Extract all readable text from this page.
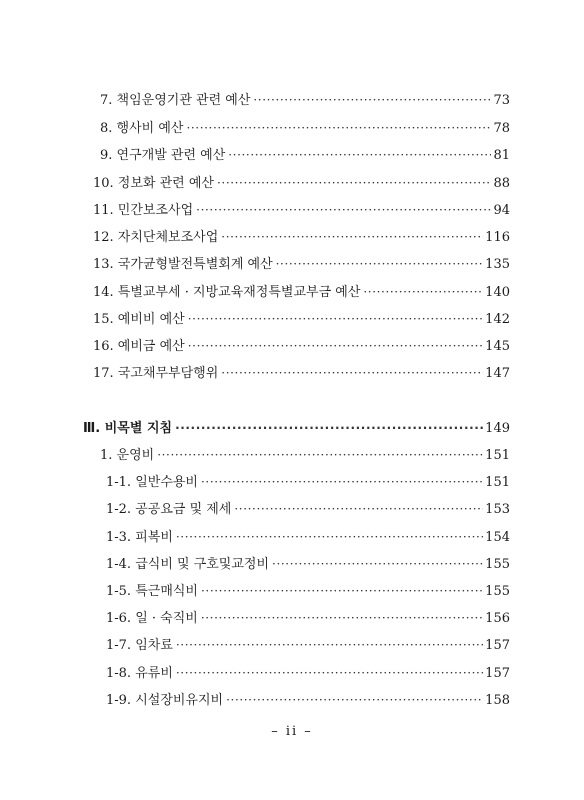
7. 책임운영기관 관련 예산 ·····	73
8. 행사비 예산 ·····	78
9. 연구개발 관련 예산 ·····	81
10. 정보화 관련 예산 ·····	88
11. 민간보조사업 ·····	94
12. 자치단체보조사업 ·····	116
13. 국가균형발전특별회계 예산 ·····	135
14. 특별교부세 · 지방교육재정특별교부금 예산 ·····	140
15. 예비비 예산 ·····	142
16. 예비금 예산 ·····	145
17. 국고채무부담행위 ·····	147
Ⅲ. 비목별 지침 ·····	149
1. 운영비 ·····	151
1-1. 일반수용비 ·····	151
1-2. 공공요금 및 제세 ·····	153
1-3. 피복비 ·····	154
1-4. 급식비 및 구호및교정비 ·····	155
1-5. 특근매식비 ·····	155
1-6. 일 · 숙직비 ·····	156
1-7. 임차료 ·····	157
1-8. 유류비 ·····	157
1-9. 시설장비유지비 ·····	158
– ii –
